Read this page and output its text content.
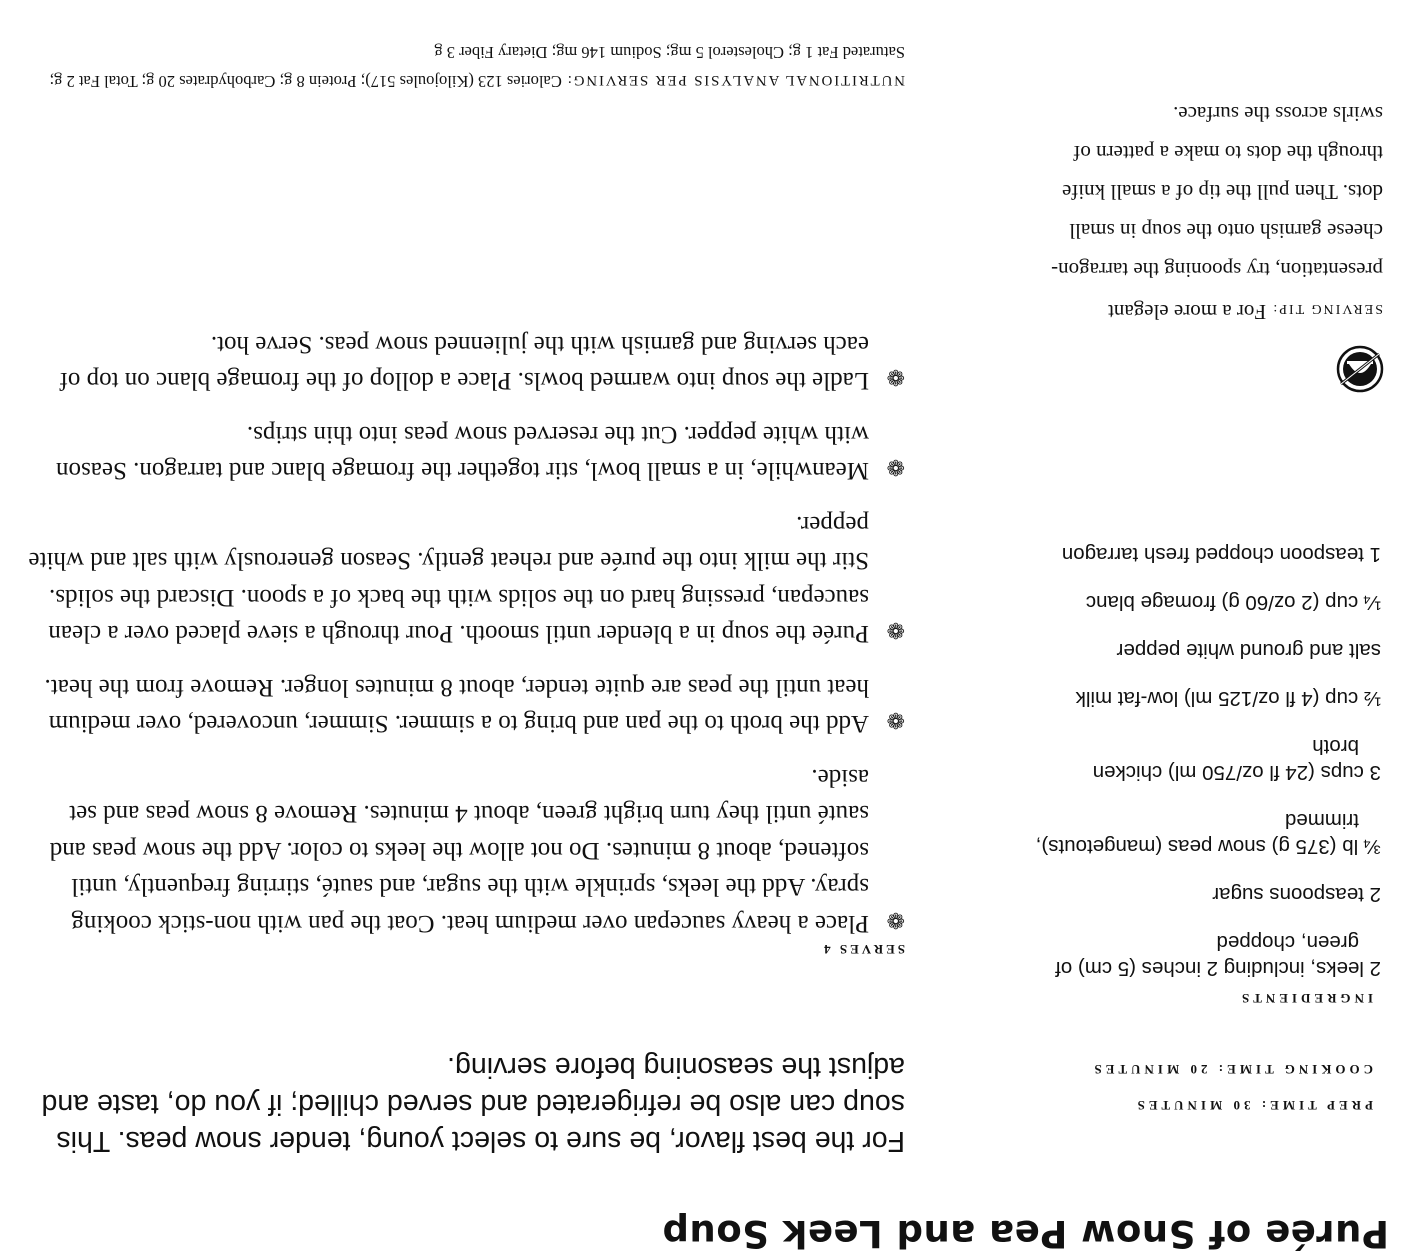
Purée of Snow Pea and Leek Soup

PREP TIME: 30 MINUTES

COOKING TIME: 20 MINUTES

INGREDIENTS

2 leeks, including 2 inches (5 cm) of
green, chopped
2 teaspoons sugar
¾ lb (375 g) snow peas (mangetouts),
trimmed
3 cups (24 fl oz/750 ml) chicken
broth
½ cup (4 fl oz/125 ml) low-fat milk
salt and ground white pepper
¼ cup (2 oz/60 g) fromage blanc
1 teaspoon chopped fresh tarragon

SERVING TIP: For a more elegant presentation, try spooning the tarragon-cheese garnish onto the soup in small dots. Then pull the tip of a small knife through the dots to make a pattern of swirls across the surface.

For the best flavor, be sure to select young, tender snow peas. This soup can also be refrigerated and served chilled; if you do, taste and adjust the seasoning before serving.

SERVES 4

❁
Place a heavy saucepan over medium heat. Coat the pan with non-stick cooking spray. Add the leeks, sprinkle with the sugar, and sauté, stirring frequently, until softened, about 8 minutes. Do not allow the leeks to color. Add the snow peas and sauté until they turn bright green, about 4 minutes. Remove 8 snow peas and set aside.
❁
Add the broth to the pan and bring to a simmer. Simmer, uncovered, over medium heat until the peas are quite tender, about 8 minutes longer. Remove from the heat.
❁
Purée the soup in a blender until smooth. Pour through a sieve placed over a clean saucepan, pressing hard on the solids with the back of a spoon. Discard the solids. Stir the milk into the purée and reheat gently. Season generously with salt and white pepper.
❁
Meanwhile, in a small bowl, stir together the fromage blanc and tarragon. Season with white pepper. Cut the reserved snow peas into thin strips.
❁
Ladle the soup into warmed bowls. Place a dollop of the fromage blanc on top of each serving and garnish with the julienned snow peas. Serve hot.

NUTRITIONAL ANALYSIS PER SERVING: Calories 123 (Kilojoules 517); Protein 8 g; Carbohydrates 20 g; Total Fat 2 g; Saturated Fat 1 g; Cholesterol 5 mg; Sodium 146 mg; Dietary Fiber 3 g
